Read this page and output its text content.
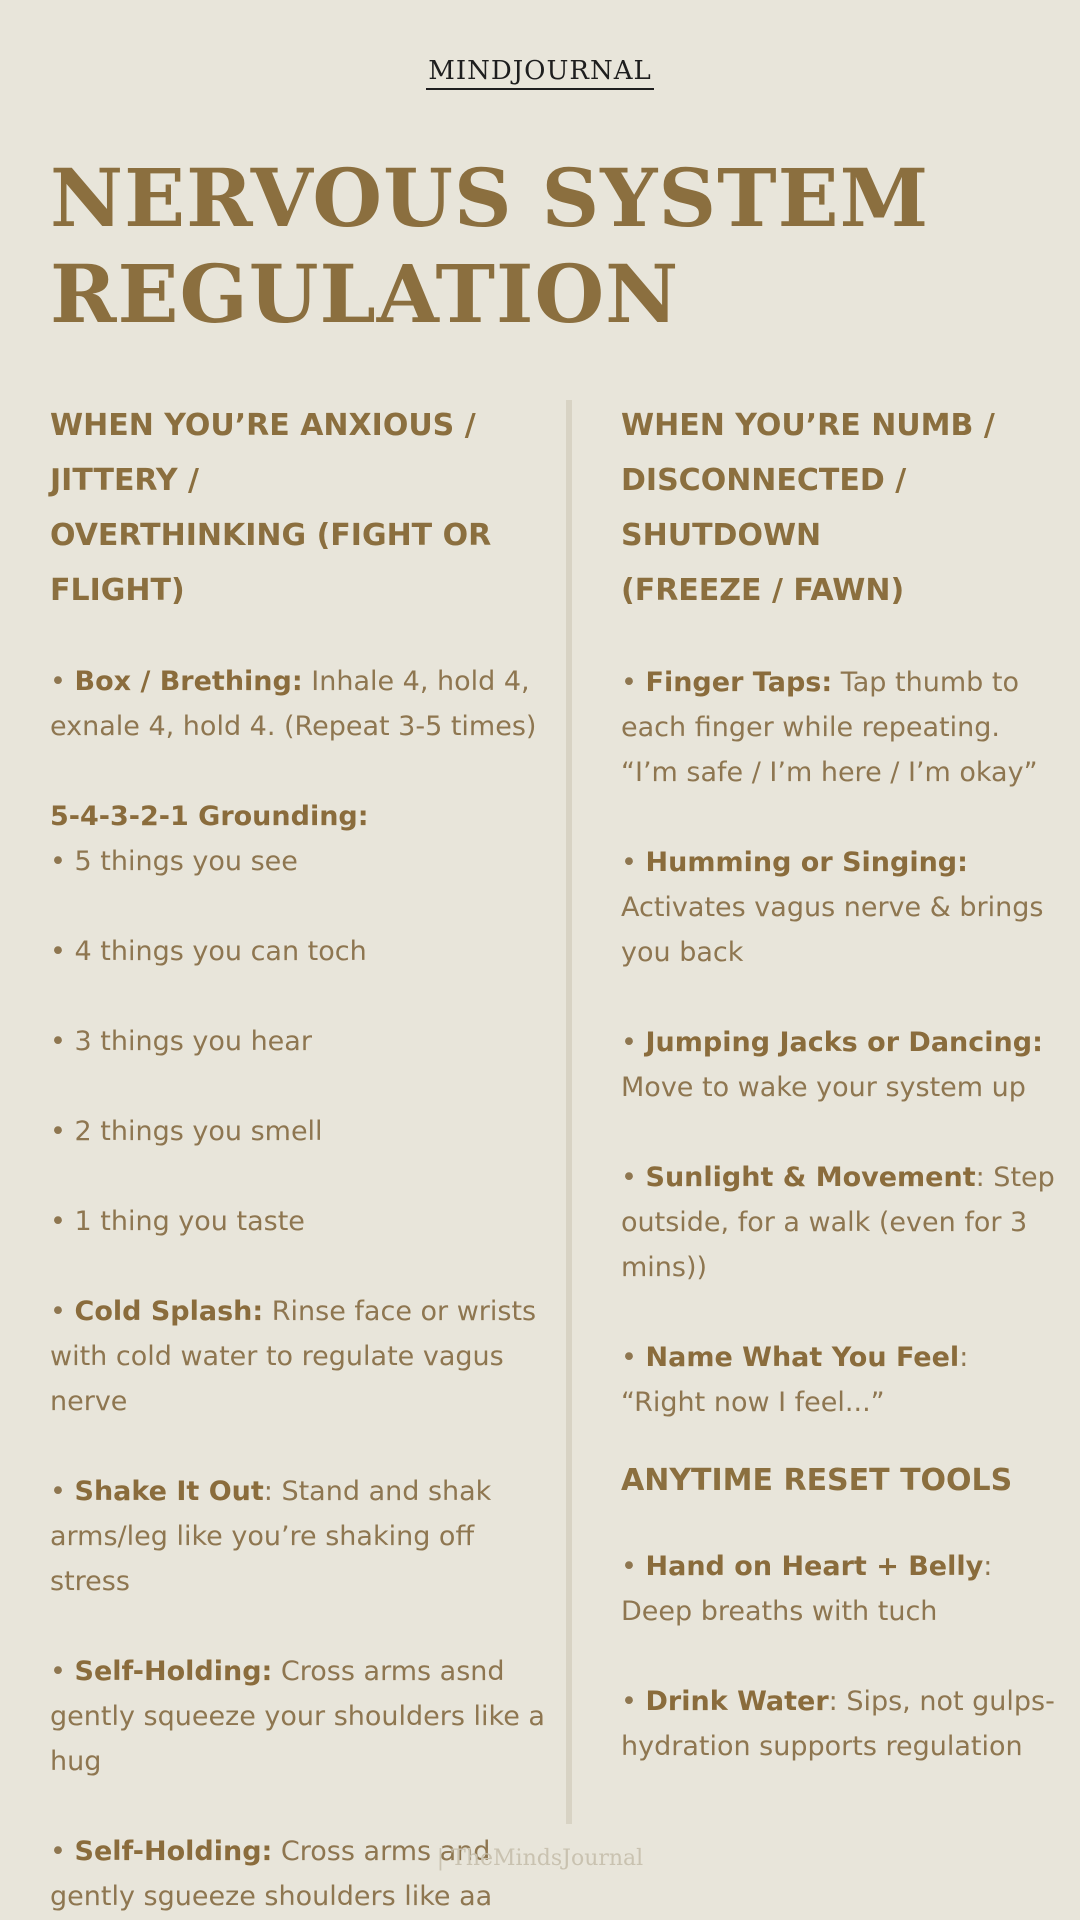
MINDJOURNAL
NERVOUS SYSTEM
REGULATION
WHEN YOU’RE ANXIOUS / JITTERY /
OVERTHINKING (FIGHT OR FLIGHT)

• Box / Brething: Inhale 4, hold 4, exnale 4, hold 4. (Repeat 3-5 times)

5-4-3-2-1 Grounding:

• 5 things you see

• 4 things you can toch

• 3 things you hear

• 2 things you smell

• 1 thing you taste

• Cold Splash: Rinse face or wrists with cold water to regulate vagus nerve

• Shake It Out: Stand and shak arms/leg like you’re shaking off stress

• Self-Holding: Cross arms asnd gently squeeze your shoulders like a hug

• Self-Holding: Cross arms and gently sgueeze shoulders like aa

WHEN YOU’RE NUMB /
DISCONNECTED / SHUTDOWN
(FREEZE / FAWN)

• Finger Taps: Tap thumb to each finger while repeating. “I’m safe / I’m here / I’m okay”

• Humming or Singing: Activates vagus nerve & brings you back

• Jumping Jacks or Dancing: Move to wake your system up

• Sunlight & Movement: Step outside, for a walk (even for 3 mins))

• Name What You Feel: “Right now I feel...”

ANYTIME RESET TOOLS

• Hand on Heart + Belly: Deep breaths with tuch

• Drink Water: Sips, not gulps-hydration supports regulation

| TheMindsJournal
